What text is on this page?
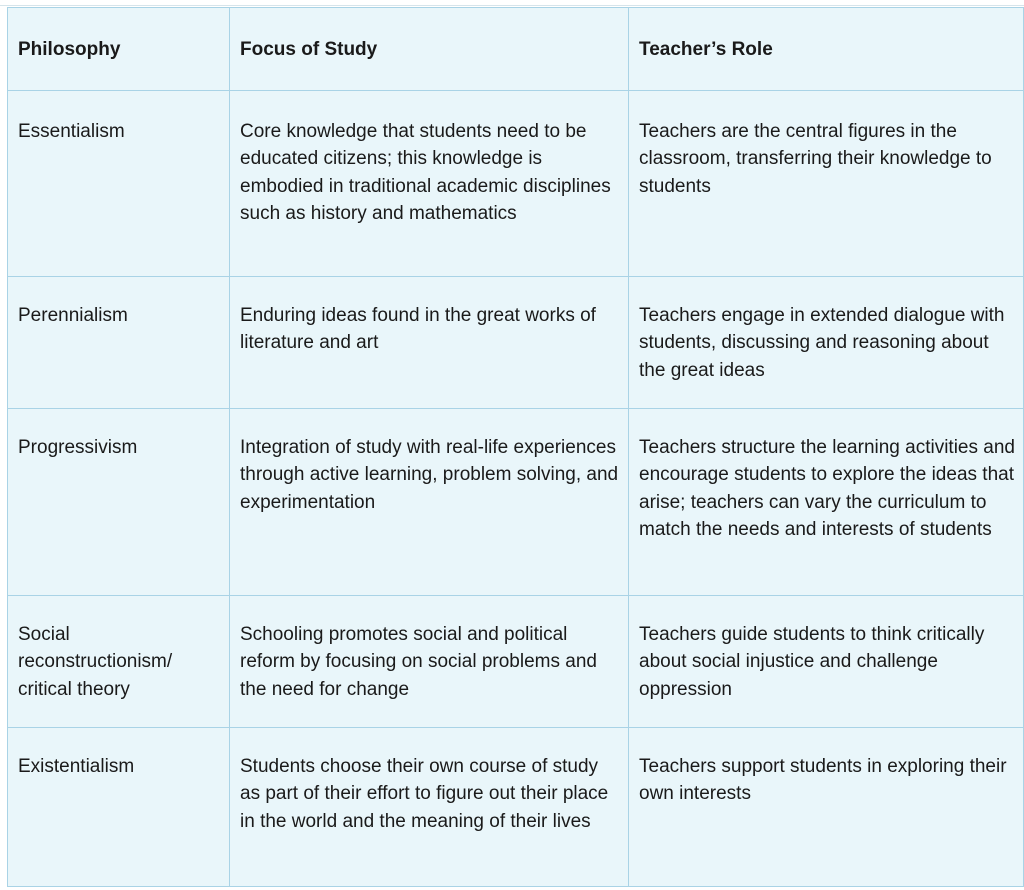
Philosophy	Focus of Study	Teacher’s Role
Essentialism	Core knowledge that students need to be educated citizens; this knowledge is embodied in traditional academic disciplines such as history and mathematics	Teachers are the central figures in the classroom, transferring their knowledge to students
Perennialism	Enduring ideas found in the great works of literature and art	Teachers engage in extended dialogue with students, discussing and reasoning about the great ideas
Progressivism	Integration of study with real-life experiences through active learning, problem solving, and experimentation	Teachers structure the learning activities and encourage students to explore the ideas that arise; teachers can vary the curriculum to match the needs and interests of students
Social reconstructionism/ critical theory	Schooling promotes social and political reform by focusing on social problems and the need for change	Teachers guide students to think critically about social injustice and challenge oppression
Existentialism	Students choose their own course of study as part of their effort to figure out their place in the world and the meaning of their lives	Teachers support students in exploring their own interests
